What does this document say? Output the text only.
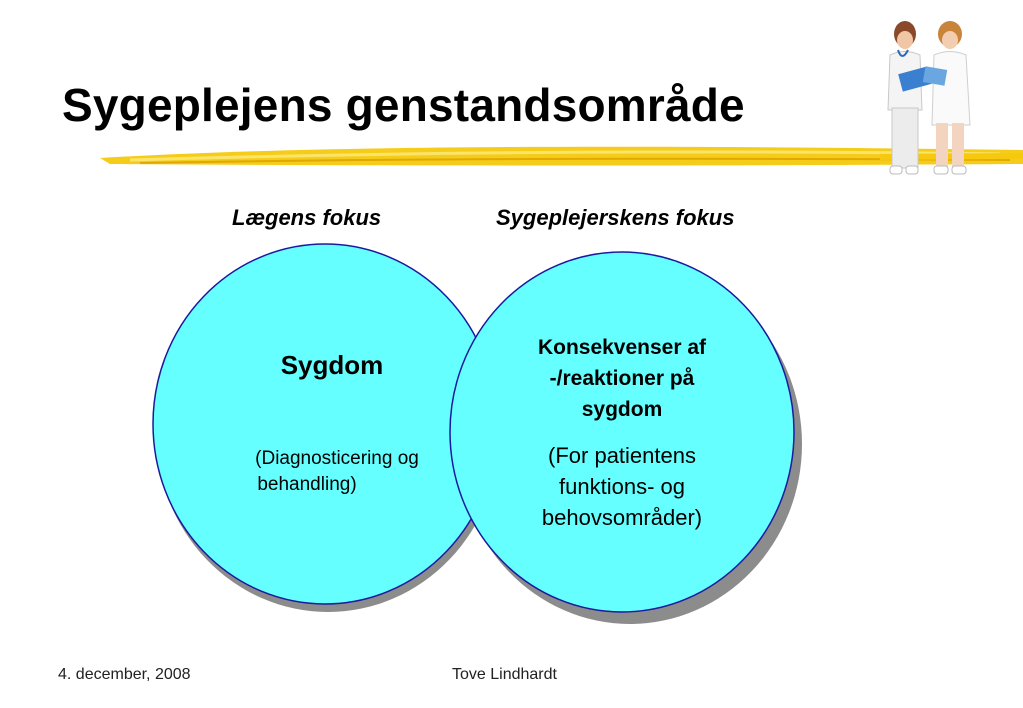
Sygeplejens genstandsområde
Lægens fokus	Sygeplejerskens fokus
Sygdom
(Diagnosticering og
behandling)
Konsekvenser af
-/reaktioner på
sygdom
(For patientens
funktions- og
behovsområder)
4. december, 2008	Tove Lindhardt
